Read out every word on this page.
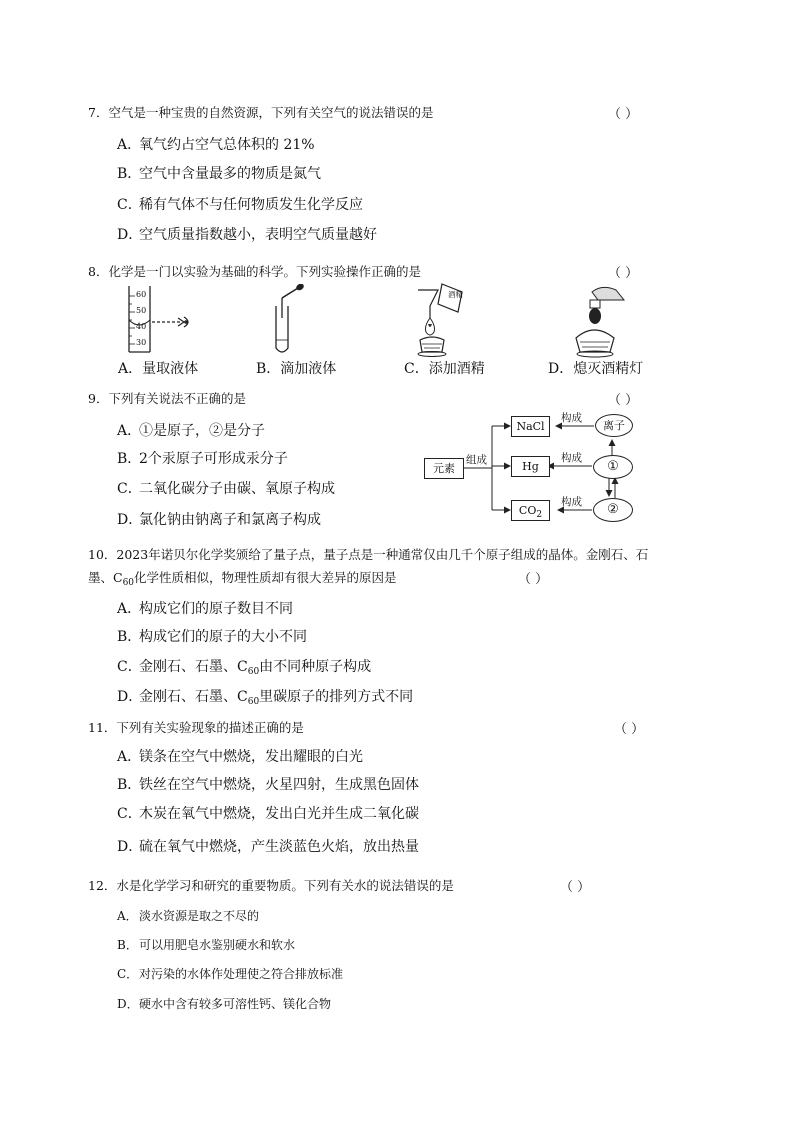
7．空气是一种宝贵的自然资源，下列有关空气的说法错误的是	（ ）
A．氧气约占空气总体积的 21%
B．空气中含量最多的物质是氮气
C．稀有气体不与任何物质发生化学反应
D．空气质量指数越小，表明空气质量越好
8．化学是一门以实验为基础的科学。下列实验操作正确的是	（ ）
60
50
40
30
酒精
A．量取液体	B．滴加液体	C．添加酒精	D．熄灭酒精灯
9．下列有关说法不正确的是	（ ）
A．①是原子，②是分子
B．2个汞原子可形成汞分子
C．二氧化碳分子由碳、氧原子构成
D．氯化钠由钠离子和氯离子构成
元素
组成
NaCl
Hg
$CO_2$
构成
构成
构成
离子
①
②
10．2023年诺贝尔化学奖颁给了量子点，量子点是一种通常仅由几千个原子组成的晶体。金刚石、石
墨、$C_{60}$化学性质相似，物理性质却有很大差异的原因是	（ ）
A．构成它们的原子数目不同
B．构成它们的原子的大小不同
C．金刚石、石墨、$C_{60}$由不同种原子构成
D．金刚石、石墨、$C_{60}$里碳原子的排列方式不同
11．下列有关实验现象的描述正确的是	（ ）
A．镁条在空气中燃烧，发出耀眼的白光
B．铁丝在空气中燃烧，火星四射，生成黑色固体
C．木炭在氧气中燃烧，发出白光并生成二氧化碳
D．硫在氧气中燃烧，产生淡蓝色火焰，放出热量
12．水是化学学习和研究的重要物质。下列有关水的说法错误的是	（ ）
A．淡水资源是取之不尽的
B．可以用肥皂水鉴别硬水和软水
C．对污染的水体作处理使之符合排放标准
D．硬水中含有较多可溶性钙、镁化合物
